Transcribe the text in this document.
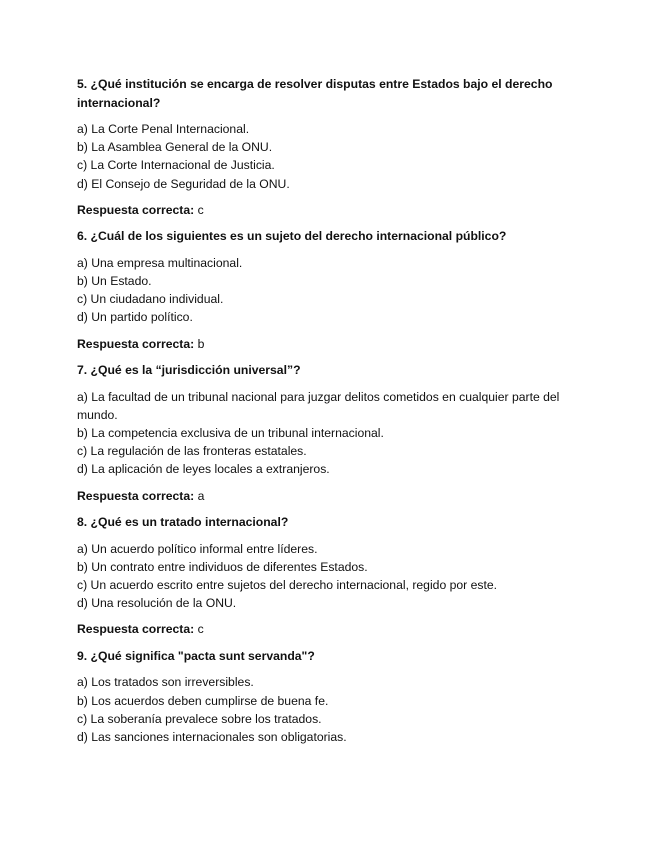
5. ¿Qué institución se encarga de resolver disputas entre Estados bajo el derecho internacional?

a) La Corte Penal Internacional.
b) La Asamblea General de la ONU.
c) La Corte Internacional de Justicia.
d) El Consejo de Seguridad de la ONU.

Respuesta correcta: c

6. ¿Cuál de los siguientes es un sujeto del derecho internacional público?

a) Una empresa multinacional.
b) Un Estado.
c) Un ciudadano individual.
d) Un partido político.

Respuesta correcta: b

7. ¿Qué es la “jurisdicción universal”?

a) La facultad de un tribunal nacional para juzgar delitos cometidos en cualquier parte del mundo.
b) La competencia exclusiva de un tribunal internacional.
c) La regulación de las fronteras estatales.
d) La aplicación de leyes locales a extranjeros.

Respuesta correcta: a

8. ¿Qué es un tratado internacional?

a) Un acuerdo político informal entre líderes.
b) Un contrato entre individuos de diferentes Estados.
c) Un acuerdo escrito entre sujetos del derecho internacional, regido por este.
d) Una resolución de la ONU.

Respuesta correcta: c

9. ¿Qué significa "pacta sunt servanda"?

a) Los tratados son irreversibles.
b) Los acuerdos deben cumplirse de buena fe.
c) La soberanía prevalece sobre los tratados.
d) Las sanciones internacionales son obligatorias.
